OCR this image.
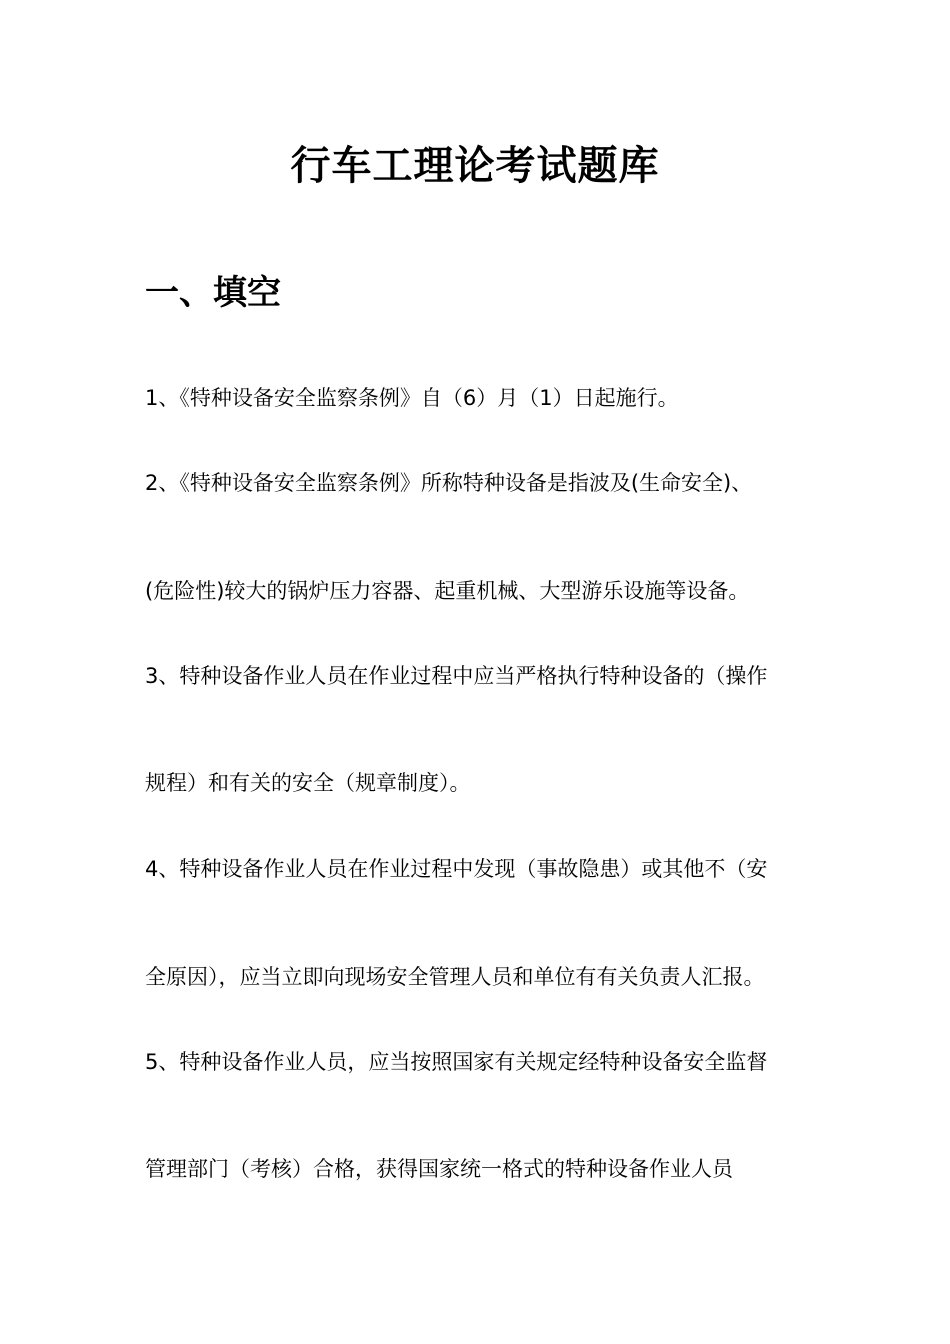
行车工理论考试题库
一、填空
1、《特种设备安全监察条例》自（6）月（1）日起施行。
2、《特种设备安全监察条例》所称特种设备是指波及(生命安全)、
(危险性)较大的锅炉压力容器、起重机械、大型游乐设施等设备。
3、特种设备作业人员在作业过程中应当严格执行特种设备的（操作
规程）和有关的安全（规章制度）。
4、特种设备作业人员在作业过程中发现（事故隐患）或其他不（安
全原因），应当立即向现场安全管理人员和单位有有关负责人汇报。
5、特种设备作业人员，应当按照国家有关规定经特种设备安全监督
管理部门（考核）合格，获得国家统一格式的特种设备作业人员
